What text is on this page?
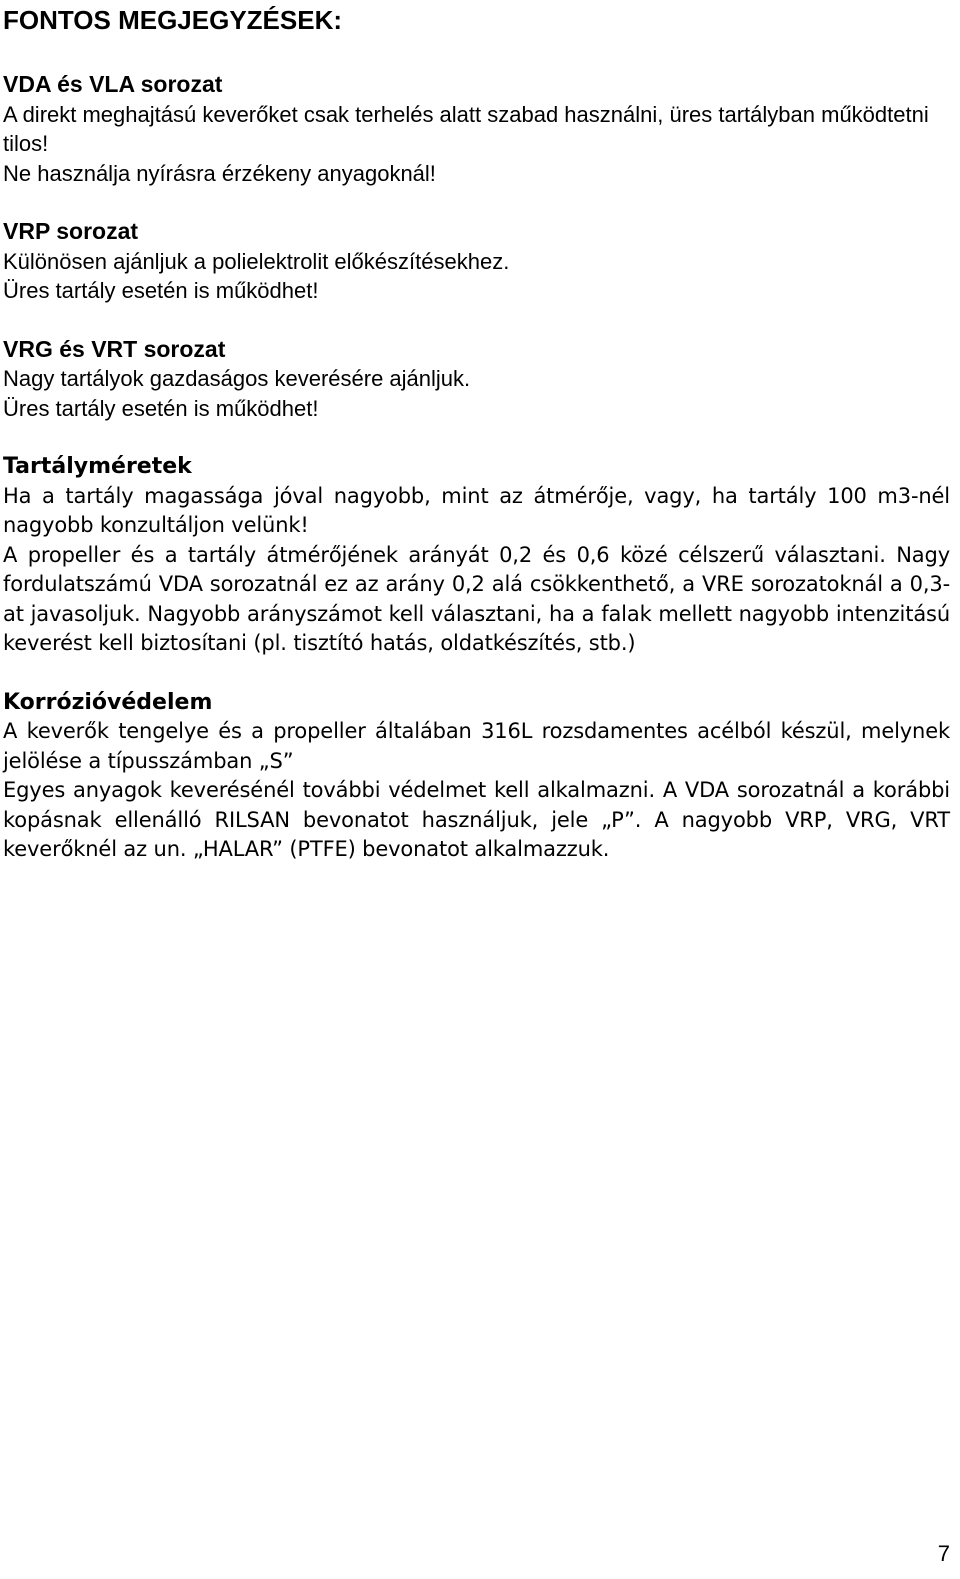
FONTOS MEGJEGYZÉSEK:
VDA és VLA sorozat

A direkt meghajtású keverőket csak terhelés alatt szabad használni, üres tartályban működtetni tilos!

Ne használja nyírásra érzékeny anyagoknál!

VRP sorozat

Különösen ajánljuk a polielektrolit előkészítésekhez.

Üres tartály esetén is működhet!

VRG és VRT sorozat

Nagy tartályok gazdaságos keverésére ajánljuk.

Üres tartály esetén is működhet!

Tartályméretek

Ha a tartály magassága jóval nagyobb, mint az átmérője, vagy, ha tartály 100 m3-nél nagyobb konzultáljon velünk!

A propeller és a tartály átmérőjének arányát 0,2 és 0,6 közé célszerű választani. Nagy fordulatszámú VDA sorozatnál ez az arány 0,2 alá csökkenthető, a VRE sorozatoknál a 0,3-at javasoljuk. Nagyobb arányszámot kell választani, ha a falak mellett nagyobb intenzitású keverést kell biztosítani (pl. tisztító hatás, oldatkészítés, stb.)

Korrózióvédelem

A keverők tengelye és a propeller általában 316L rozsdamentes acélból készül, melynek jelölése a típusszámban „S”

Egyes anyagok keverésénél további védelmet kell alkalmazni. A VDA sorozatnál a korábbi kopásnak ellenálló RILSAN bevonatot használjuk, jele „P”. A nagyobb VRP, VRG, VRT keverőknél az un. „HALAR” (PTFE) bevonatot alkalmazzuk.

7
